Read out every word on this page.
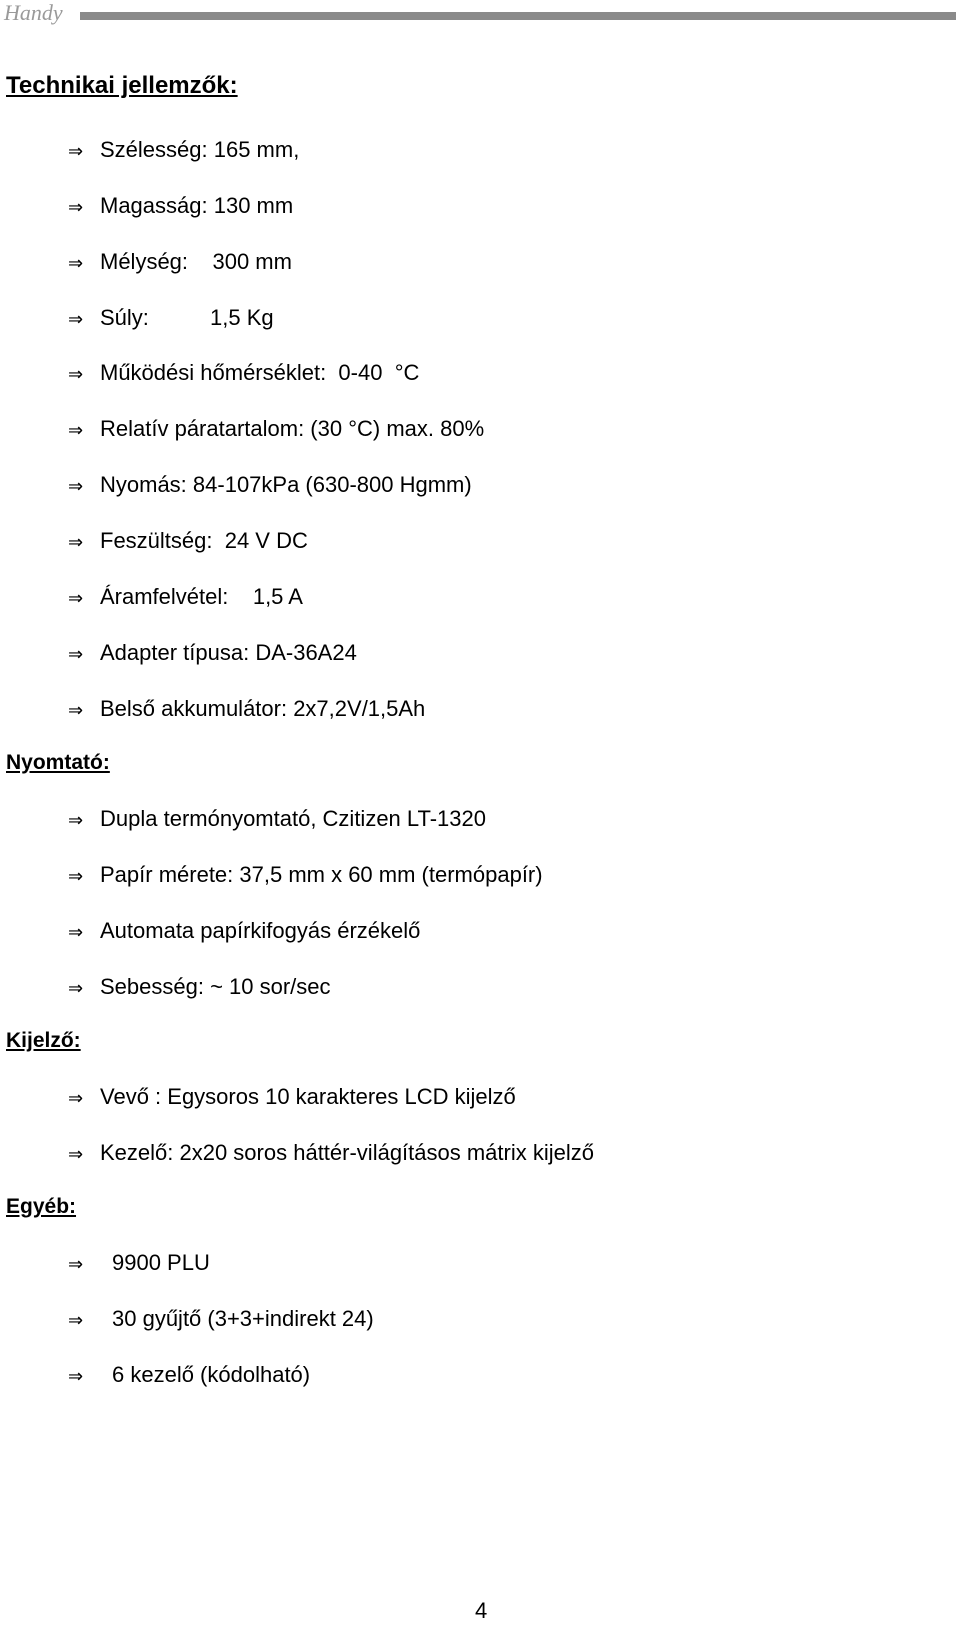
Handy
Technikai jellemzők:
⇒ Szélesség: 165 mm,
⇒ Magasság: 130 mm
⇒ Mélység:    300 mm
⇒ Súly:          1,5 Kg
⇒ Működési hőmérséklet:  0-40  °C
⇒ Relatív páratartalom: (30 °C) max. 80%
⇒ Nyomás: 84-107kPa (630-800 Hgmm)
⇒ Feszültség:  24 V DC
⇒ Áramfelvétel:    1,5 A
⇒ Adapter típusa: DA-36A24
⇒ Belső akkumulátor: 2x7,2V/1,5Ah
Nyomtató:
⇒ Dupla termónyomtató, Czitizen LT-1320
⇒ Papír mérete: 37,5 mm x 60 mm (termópapír)
⇒ Automata papírkifogyás érzékelő
⇒ Sebesség: ~ 10 sor/sec
Kijelző:
⇒ Vevő : Egysoros 10 karakteres LCD kijelző
⇒ Kezelő: 2x20 soros háttér-világításos mátrix kijelző
Egyéb:
⇒ 9900 PLU
⇒ 30 gyűjtő (3+3+indirekt 24)
⇒ 6 kezelő (kódolható)
4
